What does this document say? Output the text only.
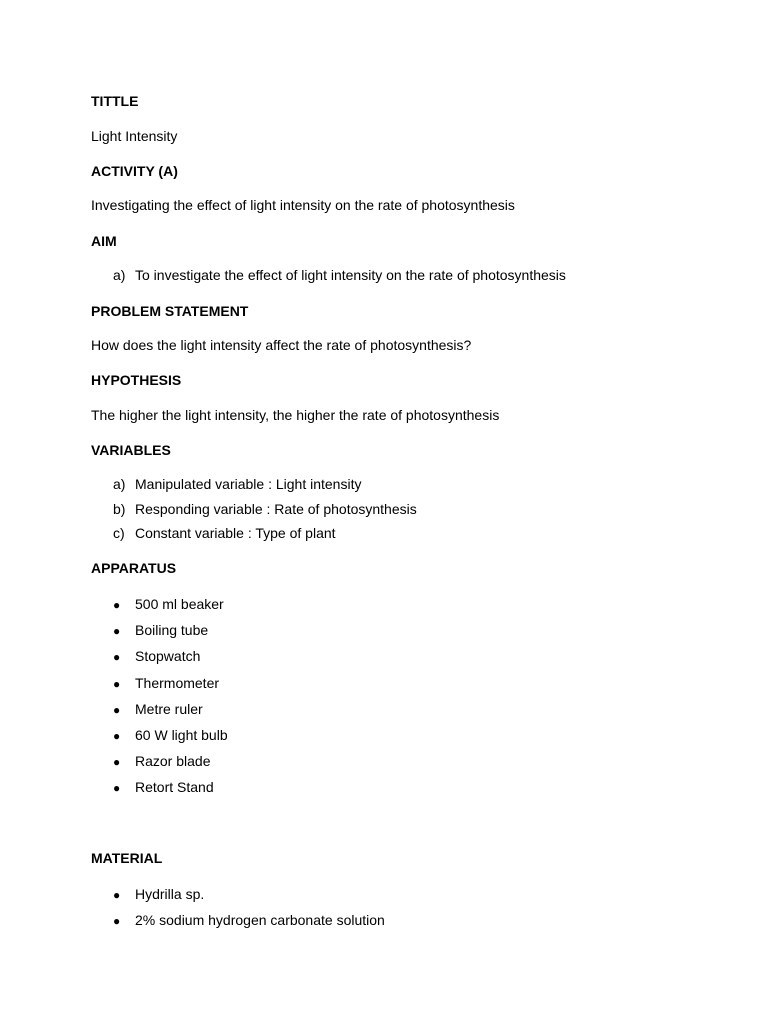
TITTLE
Light Intensity
ACTIVITY (A)
Investigating the effect of light intensity on the rate of photosynthesis
AIM
a) To investigate the effect of light intensity on the rate of photosynthesis
PROBLEM STATEMENT
How does the light intensity affect the rate of photosynthesis?
HYPOTHESIS
The higher the light intensity, the higher the rate of photosynthesis
VARIABLES
a) Manipulated variable : Light intensity
b) Responding variable : Rate of photosynthesis
c) Constant variable : Type of plant
APPARATUS
● 500 ml beaker
● Boiling tube
● Stopwatch
● Thermometer
● Metre ruler
● 60 W light bulb
● Razor blade
● Retort Stand
MATERIAL
● Hydrilla sp.
● 2% sodium hydrogen carbonate solution
